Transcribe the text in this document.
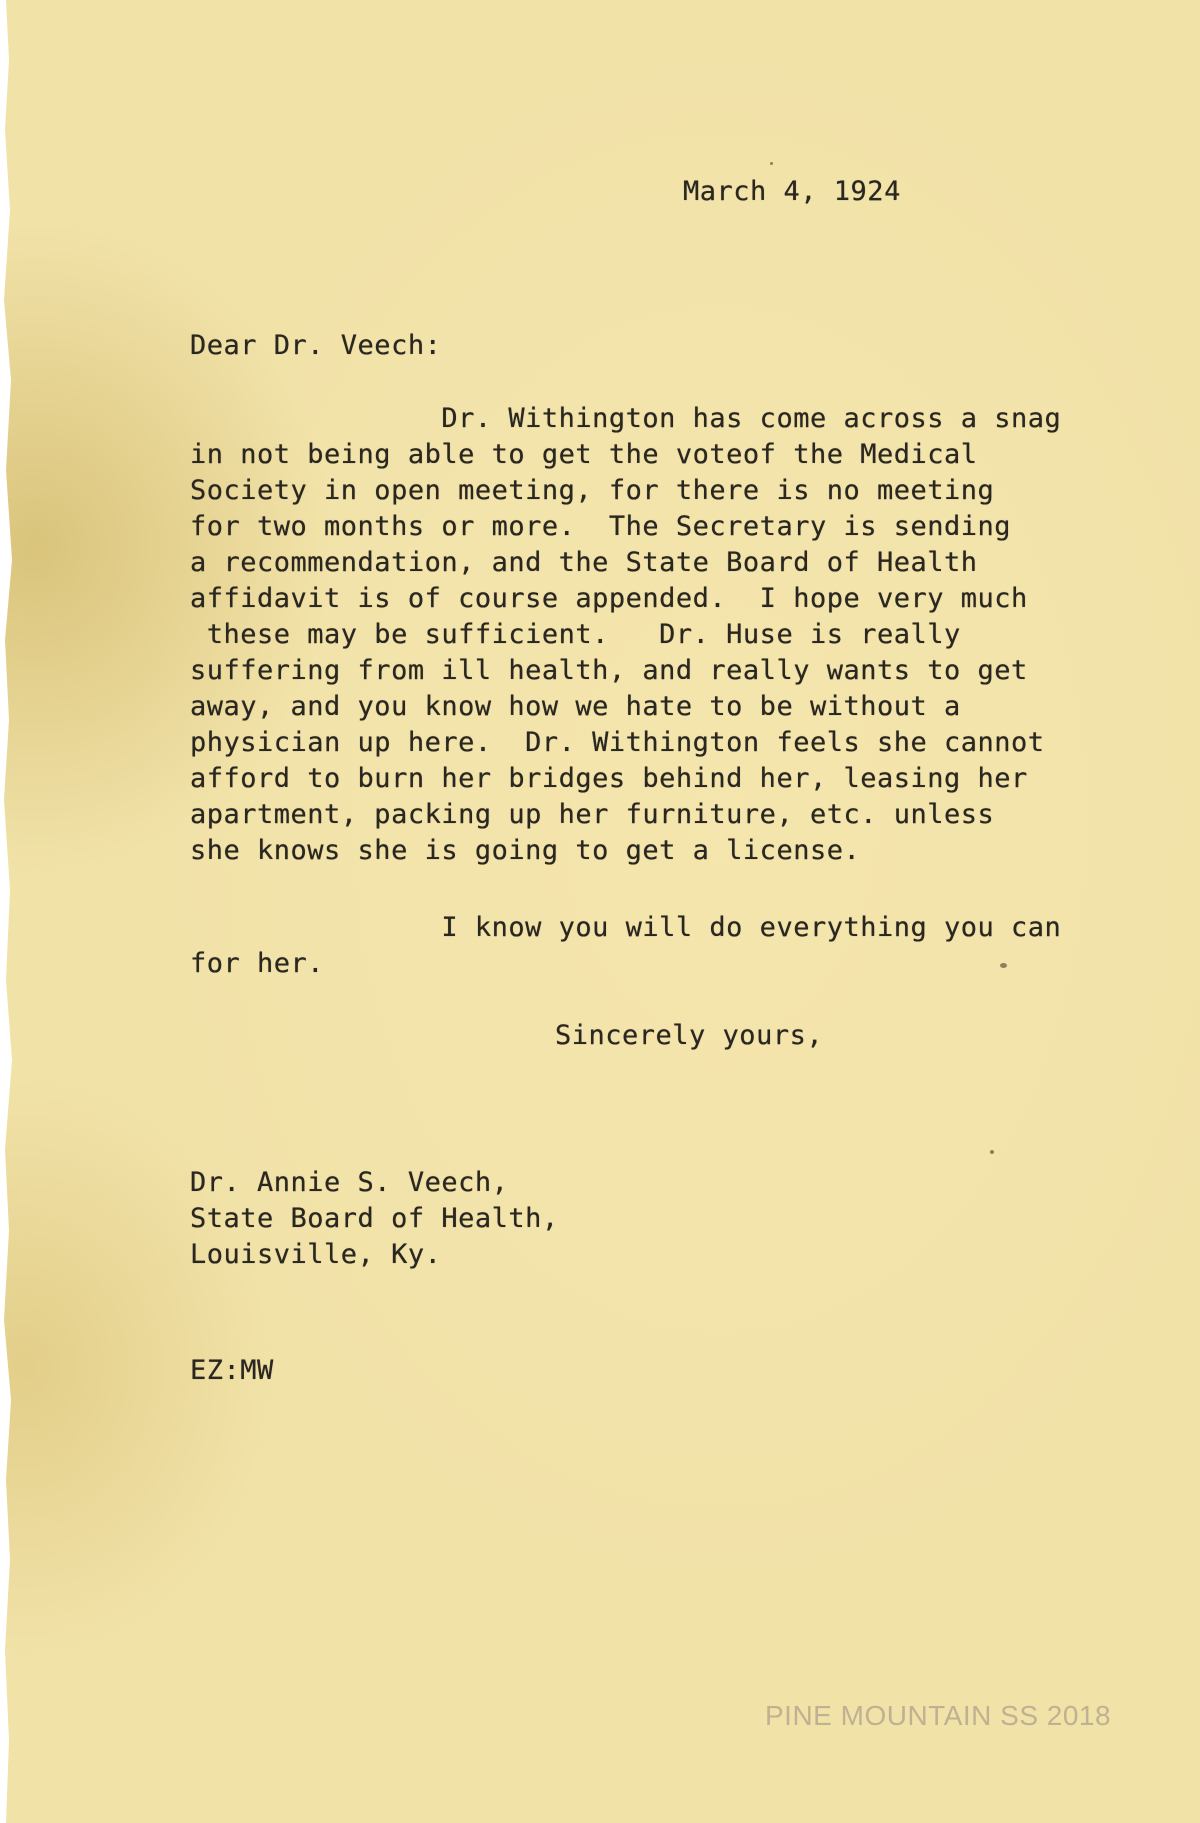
March 4, 1924
Dear Dr. Veech:
Dr. Withington has come across a snag
in not being able to get the voteof the Medical
Society in open meeting, for there is no meeting
for two months or more.  The Secretary is sending
a recommendation, and the State Board of Health
affidavit is of course appended.  I hope very much
these may be sufficient.   Dr. Huse is really
suffering from ill health, and really wants to get
away, and you know how we hate to be without a
physician up here.  Dr. Withington feels she cannot
afford to burn her bridges behind her, leasing her
apartment, packing up her furniture, etc. unless
she knows she is going to get a license.
I know you will do everything you can
for her.
Sincerely yours,
Dr. Annie S. Veech,
State Board of Health,
Louisville, Ky.
EZ:MW
PINE MOUNTAIN SS 2018
